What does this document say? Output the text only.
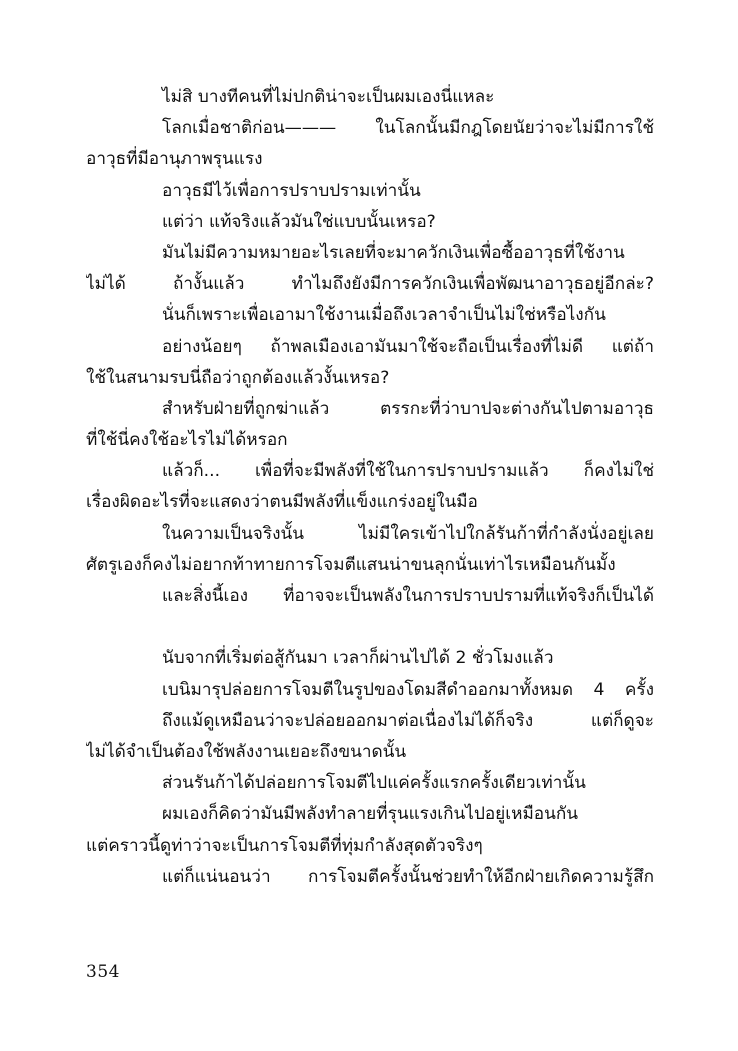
ไม่สิ บางทีคนที่ไม่ปกติน่าจะเป็นผมเองนี่แหละ
โลกเมื่อชาติก่อน——— ในโลกนั้นมีกฎโดยนัยว่าจะไม่มีการใช้
อาวุธที่มีอานุภาพรุนแรง
อาวุธมีไว้เพื่อการปราบปรามเท่านั้น
แต่ว่า แท้จริงแล้วมันใช่แบบนั้นเหรอ?
มันไม่มีความหมายอะไรเลยที่จะมาควักเงินเพื่อซื้ออาวุธที่ใช้งาน
ไม่ได้ ถ้างั้นแล้ว ทำไมถึงยังมีการควักเงินเพื่อพัฒนาอาวุธอยู่อีกล่ะ?
นั่นก็เพราะเพื่อเอามาใช้งานเมื่อถึงเวลาจำเป็นไม่ใช่หรือไงกัน
อย่างน้อยๆ ถ้าพลเมืองเอามันมาใช้จะถือเป็นเรื่องที่ไม่ดี แต่ถ้า
ใช้ในสนามรบนี่ถือว่าถูกต้องแล้วงั้นเหรอ?
สำหรับฝ่ายที่ถูกฆ่าแล้ว ตรรกะที่ว่าบาปจะต่างกันไปตามอาวุธ
ที่ใช้นี่คงใช้อะไรไม่ได้หรอก
แล้วก็... เพื่อที่จะมีพลังที่ใช้ในการปราบปรามแล้ว ก็คงไม่ใช่
เรื่องผิดอะไรที่จะแสดงว่าตนมีพลังที่แข็งแกร่งอยู่ในมือ
ในความเป็นจริงนั้น ไม่มีใครเข้าไปใกล้รันก้าที่กำลังนั่งอยู่เลย
ศัตรูเองก็คงไม่อยากท้าทายการโจมตีแสนน่าขนลุกนั่นเท่าไรเหมือนกันมั้ง
และสิ่งนี้เอง ที่อาจจะเป็นพลังในการปราบปรามที่แท้จริงก็เป็นได้
นับจากที่เริ่มต่อสู้กันมา เวลาก็ผ่านไปได้ 2 ชั่วโมงแล้ว
เบนิมารุปล่อยการโจมตีในรูปของโดมสีดำออกมาทั้งหมด 4 ครั้ง
ถึงแม้ดูเหมือนว่าจะปล่อยออกมาต่อเนื่องไม่ได้ก็จริง แต่ก็ดูจะ
ไม่ได้จำเป็นต้องใช้พลังงานเยอะถึงขนาดนั้น
ส่วนรันก้าได้ปล่อยการโจมตีไปแค่ครั้งแรกครั้งเดียวเท่านั้น
ผมเองก็คิดว่ามันมีพลังทำลายที่รุนแรงเกินไปอยู่เหมือนกัน
แต่คราวนี้ดูท่าว่าจะเป็นการโจมตีที่ทุ่มกำลังสุดตัวจริงๆ
แต่ก็แน่นอนว่า การโจมตีครั้งนั้นช่วยทำให้อีกฝ่ายเกิดความรู้สึก
354
